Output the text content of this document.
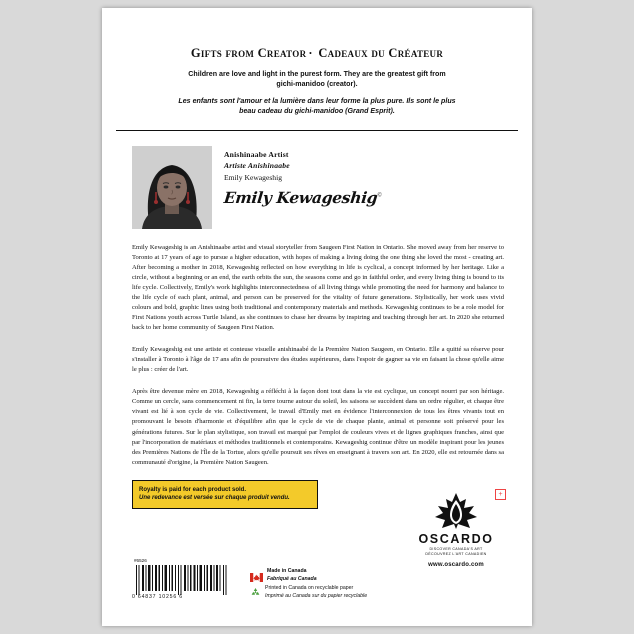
Gifts from Creator · Cadeaux du Créateur
Children are love and light in the purest form. They are the greatest gift from
gichi-manidoo (creator).
Les enfants sont l'amour et la lumière dans leur forme la plus pure. Ils sont le plus
beau cadeau du gichi-manidoo (Grand Esprit).
Anishinaabe Artist
Artiste Anishinaabe
Emily Kewageshig
Emily Kewageshig©

Emily Kewageshig is an Anishinaabe artist and visual storyteller from Saugeen First Nation in Ontario. She moved away from her reserve to Toronto at 17 years of age to pursue a higher education, with hopes of making a living doing the one thing she loved the most - creating art. After becoming a mother in 2018, Kewageshig reflected on how everything in life is cyclical, a concept informed by her heritage. Like a circle, without a beginning or an end, the earth orbits the sun, the seasons come and go in faithful order, and every living thing is bound to its life cycle. Collectively, Emily's work highlights interconnectedness of all living things while promoting the need for harmony and balance to the life cycle of each plant, animal, and person can be preserved for the vitality of future generations. Stylistically, her work uses vivid colours and bold, graphic lines using both traditional and contemporary materials and methods. Kewageshig continues to be a role model for First Nations youth across Turtle Island, as she continues to chase her dreams by inspiring and teaching through her art. In 2020 she returned back to her home community of Saugeen First Nation.

Emily Kewageshig est une artiste et conteuse visuelle anishinaabé de la Première Nation Saugeen, en Ontario. Elle a quitté sa réserve pour s'installer à Toronto à l'âge de 17 ans afin de poursuivre des études supérieures, dans l'espoir de gagner sa vie en faisant la chose qu'elle aime le plus : créer de l'art.

Après être devenue mère en 2018, Kewageshig a réfléchi à la façon dont tout dans la vie est cyclique, un concept nourri par son héritage. Comme un cercle, sans commencement ni fin, la terre tourne autour du soleil, les saisons se succèdent dans un ordre régulier, et chaque être vivant est lié à son cycle de vie. Collectivement, le travail d'Emily met en évidence l'interconnexion de tous les êtres vivants tout en promouvant le besoin d'harmonie et d'équilibre afin que le cycle de vie de chaque plante, animal et personne soit préservé pour les générations futures. Sur le plan stylistique, son travail est marqué par l'emploi de couleurs vives et de lignes graphiques franches, ainsi que par l'incorporation de matériaux et méthodes traditionnels et contemporains. Kewageshig continue d'être un modèle inspirant pour les jeunes des Premières Nations de l'Île de la Tortue, alors qu'elle poursuit ses rêves en enseignant à travers son art. En 2020, elle est retournée dans sa communauté d'origine, la Première Nation Saugeen.

Royalty is paid for each product sold.
Une redevance est versée sur chaque produit vendu.
+
OSCARDO
DISCOVER CANADA'S ART
DÉCOUVREZ L'ART CANADIEN
www.oscardo.com
#6526
0 64837 10256 6
Made in Canada
Fabriqué au Canada
Printed in Canada on recyclable paper
Imprimé au Canada sur du papier recyclable
